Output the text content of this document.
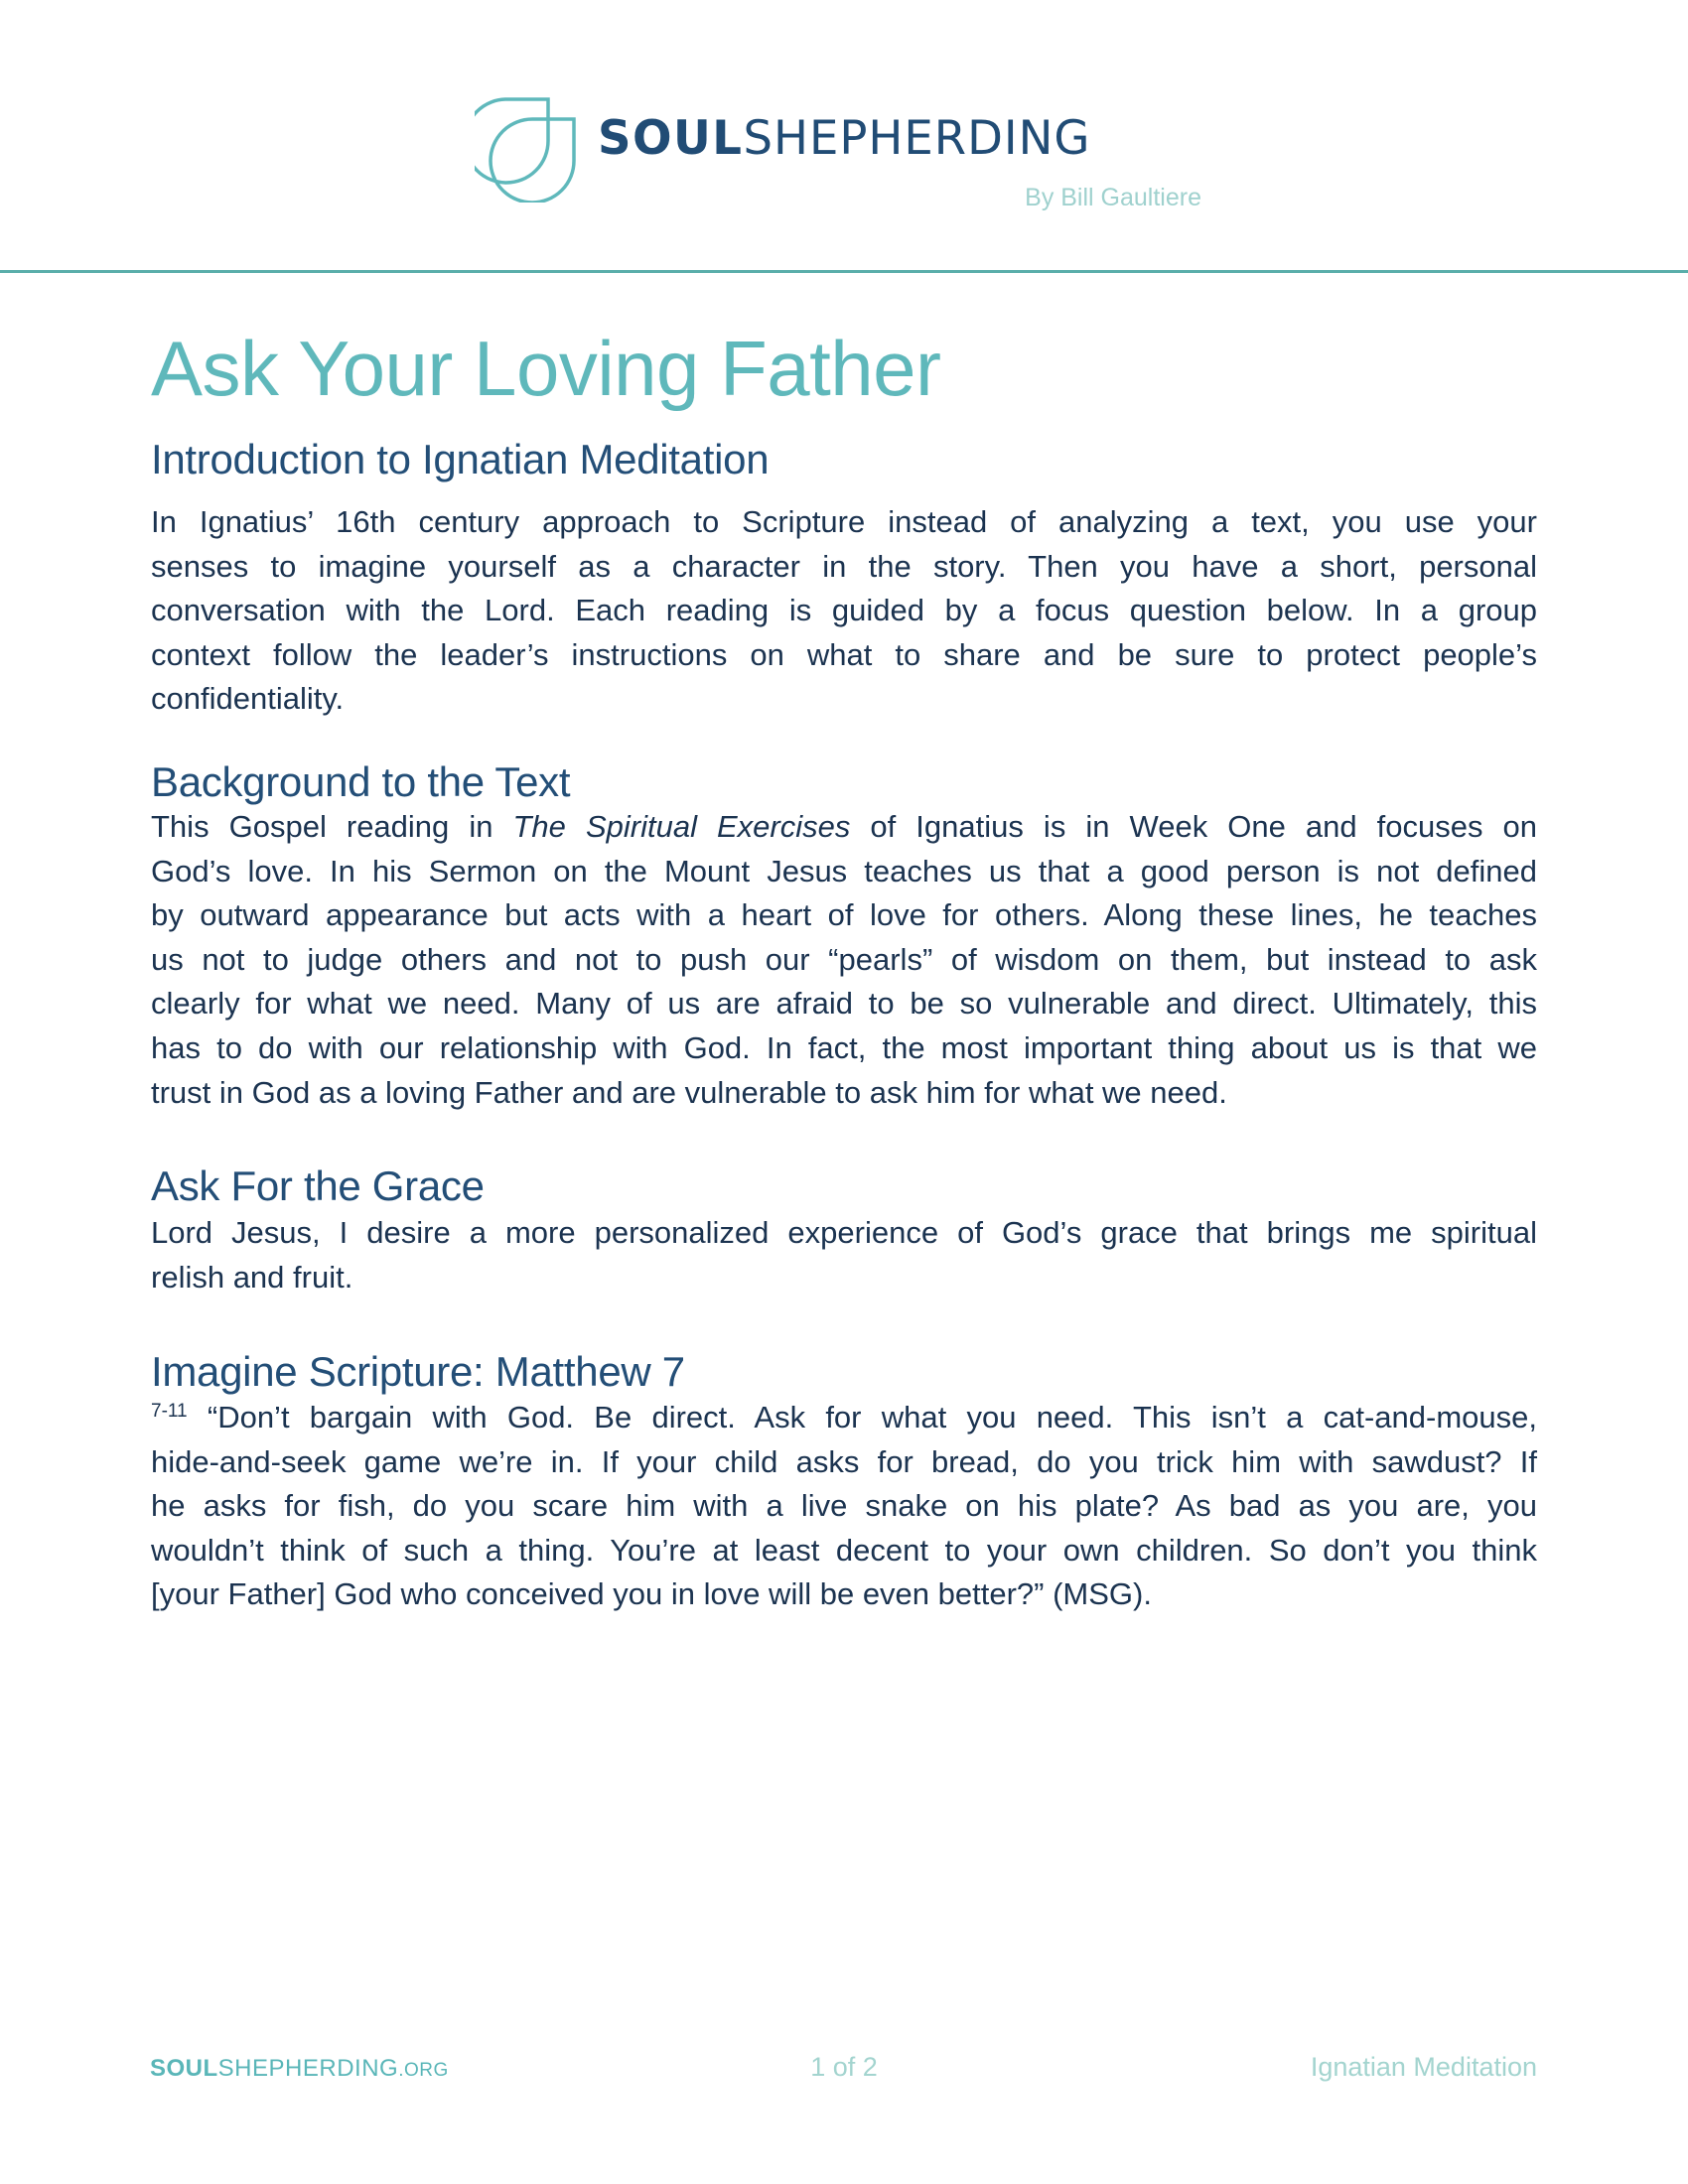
SOULSHEPHERDING
By Bill Gaultiere
Ask Your Loving Father
Introduction to Ignatian Meditation
In Ignatius’ 16th century approach to Scripture instead of analyzing a text, you use your
senses to imagine yourself as a character in the story. Then you have a short, personal
conversation with the Lord. Each reading is guided by a focus question below. In a group
context follow the leader’s instructions on what to share and be sure to protect people’s
confidentiality.
Background to the Text
This Gospel reading in The Spiritual Exercises of Ignatius is in Week One and focuses on
God’s love. In his Sermon on the Mount Jesus teaches us that a good person is not defined
by outward appearance but acts with a heart of love for others. Along these lines, he teaches
us not to judge others and not to push our “pearls” of wisdom on them, but instead to ask
clearly for what we need. Many of us are afraid to be so vulnerable and direct. Ultimately, this
has to do with our relationship with God. In fact, the most important thing about us is that we
trust in God as a loving Father and are vulnerable to ask him for what we need.
Ask For the Grace
Lord Jesus, I desire a more personalized experience of God’s grace that brings me spiritual
relish and fruit.
Imagine Scripture: Matthew 7
$^{7-11}$ “Don’t bargain with God. Be direct. Ask for what you need. This isn’t a cat-and-mouse,
hide-and-seek game we’re in. If your child asks for bread, do you trick him with sawdust? If
he asks for fish, do you scare him with a live snake on his plate? As bad as you are, you
wouldn’t think of such a thing. You’re at least decent to your own children. So don’t you think
[your Father] God who conceived you in love will be even better?” (MSG).
SOULSHEPHERDING.ORG	1 of 2	Ignatian Meditation
